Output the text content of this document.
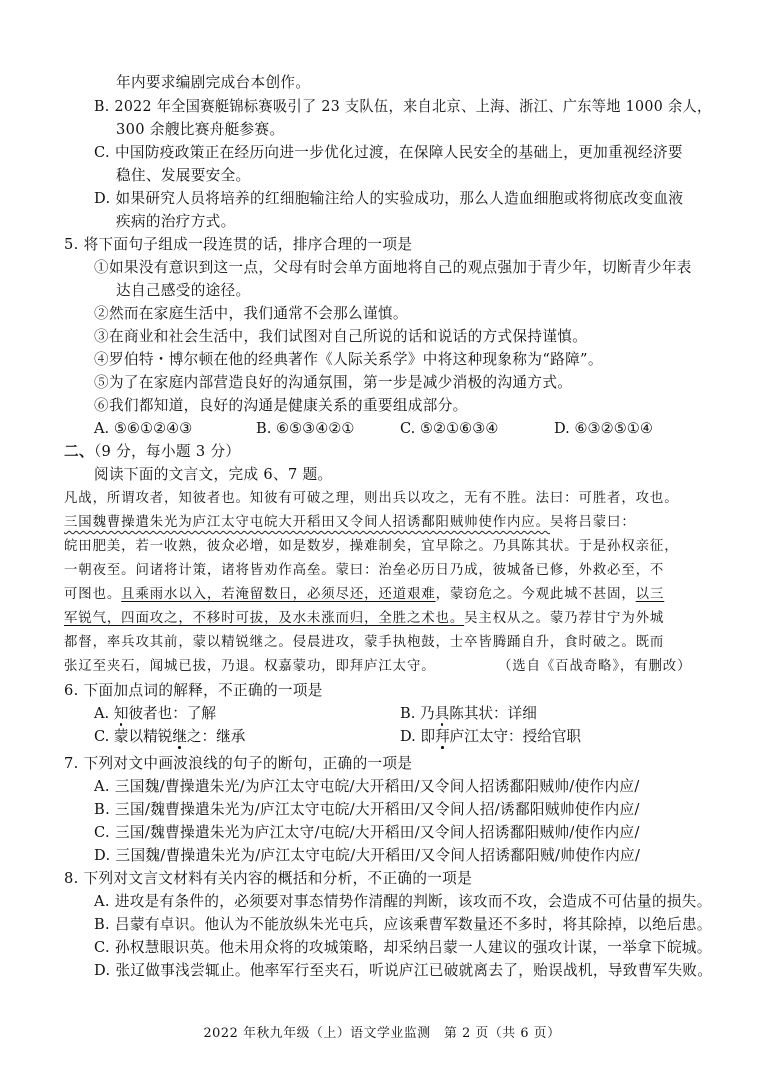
年内要求编剧完成台本创作。
B. 2022 年全国赛艇锦标赛吸引了 23 支队伍，来自北京、上海、浙江、广东等地 1000 余人，
300 余艘比赛舟艇参赛。
C. 中国防疫政策正在经历向进一步优化过渡，在保障人民安全的基础上，更加重视经济要
稳住、发展要安全。
D. 如果研究人员将培养的红细胞输注给人的实验成功，那么人造血细胞或将彻底改变血液
疾病的治疗方式。
5. 将下面句子组成一段连贯的话，排序合理的一项是
①如果没有意识到这一点，父母有时会单方面地将自己的观点强加于青少年，切断青少年表
达自己感受的途径。
②然而在家庭生活中，我们通常不会那么谨慎。
③在商业和社会生活中，我们试图对自己所说的话和说话的方式保持谨慎。
④罗伯特・博尔顿在他的经典著作《人际关系学》中将这种现象称为“路障”。
⑤为了在家庭内部营造良好的沟通氛围，第一步是减少消极的沟通方式。
⑥我们都知道，良好的沟通是健康关系的重要组成部分。
A. ⑤⑥①②④③	B. ⑥⑤③④②①	C. ⑤②①⑥③④	D. ⑥③②⑤①④
二、（9 分，每小题 3 分）
阅读下面的文言文，完成 6、7 题。
凡战，所谓攻者，知彼者也。知彼有可破之理，则出兵以攻之，无有不胜。法曰：可胜者，攻也。
三国魏曹操遣朱光为庐江太守屯皖大开稻田又令间人招诱鄱阳贼帅使作内应。吴将吕蒙曰：
皖田肥美，若一收熟，彼众必增，如是数岁，操难制矣，宜早除之。乃具陈其状。于是孙权亲征，
一朝夜至。问诸将计策，诸将皆劝作高垒。蒙曰：治垒必历日乃成，彼城备已修，外救必至，不
可图也。且乘雨水以入，若淹留数日，必须尽还，还道艰难，蒙窃危之。今观此城不甚固，以三
军锐气，四面攻之，不移时可拔，及水未涨而归，全胜之术也。吴主权从之。蒙乃荐甘宁为外城
都督，率兵攻其前，蒙以精锐继之。侵晨进攻，蒙手执枹鼓，士卒皆腾踊自升，食时破之。既而
张辽至夹石，闻城已拔，乃退。权嘉蒙功，即拜庐江太守。	（选自《百战奇略》，有删改）
6. 下面加点词的解释，不正确的一项是
A. 知彼者也：了解	B. 乃具陈其状：详细
C. 蒙以精锐继之：继承	D. 即拜庐江太守：授给官职
7. 下列对文中画波浪线的句子的断句，正确的一项是
A. 三国魏/曹操遣朱光/为庐江太守屯皖/大开稻田/又令间人招诱鄱阳贼帅/使作内应/
B. 三国/魏曹操遣朱光为/庐江太守屯皖/大开稻田/又令间人招/诱鄱阳贼帅使作内应/
C. 三国/魏曹操遣朱光为庐江太守/屯皖/大开稻田/又令间人招诱鄱阳贼帅/使作内应/
D. 三国魏/曹操遣朱光为/庐江太守屯皖/大开稻田/又令间人招诱鄱阳贼/帅使作内应/
8. 下列对文言文材料有关内容的概括和分析，不正确的一项是
A. 进攻是有条件的，必须要对事态情势作清醒的判断，该攻而不攻，会造成不可估量的损失。
B. 吕蒙有卓识。他认为不能放纵朱光屯兵，应该乘曹军数量还不多时，将其除掉，以绝后患。
C. 孙权慧眼识英。他未用众将的攻城策略，却采纳吕蒙一人建议的强攻计谋，一举拿下皖城。
D. 张辽做事浅尝辄止。他率军行至夹石，听说庐江已破就离去了，贻误战机，导致曹军失败。
2022 年秋九年级（上）语文学业监测　第 2 页（共 6 页）
